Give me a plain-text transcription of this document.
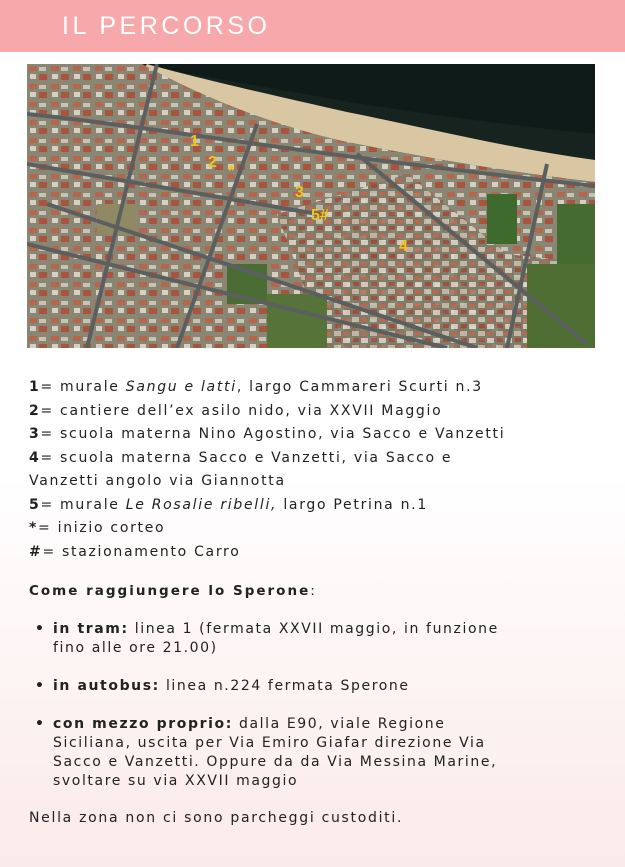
IL PERCORSO
1
2
*
3
5#
4

1= murale Sangu e latti, largo Cammareri Scurti n.3

2= cantiere dell’ex asilo nido, via XXVII Maggio

3= scuola materna Nino Agostino, via Sacco e Vanzetti

4= scuola materna Sacco e Vanzetti, via Sacco e
Vanzetti angolo via Giannotta

5= murale Le Rosalie ribelli, largo Petrina n.1

*= inizio corteo

#= stazionamento Carro

Come raggiungere lo Sperone:
• in tram: linea 1 (fermata XXVII maggio, in funzione
fino alle ore 21.00)
• in autobus: linea n.224 fermata Sperone
• con mezzo proprio: dalla E90, viale Regione
Siciliana, uscita per Via Emiro Giafar direzione Via
Sacco e Vanzetti. Oppure da da Via Messina Marine,
svoltare su via XXVII maggio
Nella zona non ci sono parcheggi custoditi.
